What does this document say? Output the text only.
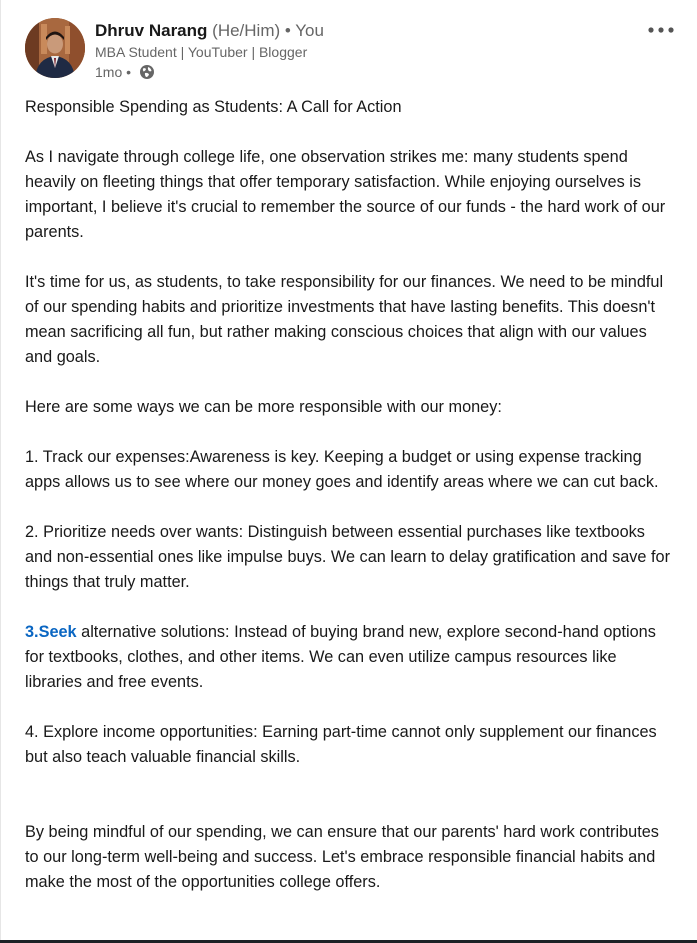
Dhruv Narang (He/Him) • You
MBA Student | YouTuber | Blogger
1mo •

Responsible Spending as Students: A Call for Action

As I navigate through college life, one observation strikes me: many students spend heavily on fleeting things that offer temporary satisfaction. While enjoying ourselves is important, I believe it's crucial to remember the source of our funds - the hard work of our parents.

It's time for us, as students, to take responsibility for our finances. We need to be mindful of our spending habits and prioritize investments that have lasting benefits. This doesn't mean sacrificing all fun, but rather making conscious choices that align with our values and goals.

Here are some ways we can be more responsible with our money:

1. Track our expenses:Awareness is key. Keeping a budget or using expense tracking apps allows us to see where our money goes and identify areas where we can cut back.

2. Prioritize needs over wants: Distinguish between essential purchases like textbooks and non-essential ones like impulse buys. We can learn to delay gratification and save for things that truly matter.

3.Seek alternative solutions: Instead of buying brand new, explore second-hand options for textbooks, clothes, and other items. We can even utilize campus resources like libraries and free events.

4. Explore income opportunities: Earning part-time cannot only supplement our finances but also teach valuable financial skills.

By being mindful of our spending, we can ensure that our parents' hard work contributes to our long-term well-being and success. Let's embrace responsible financial habits and make the most of the opportunities college offers.
